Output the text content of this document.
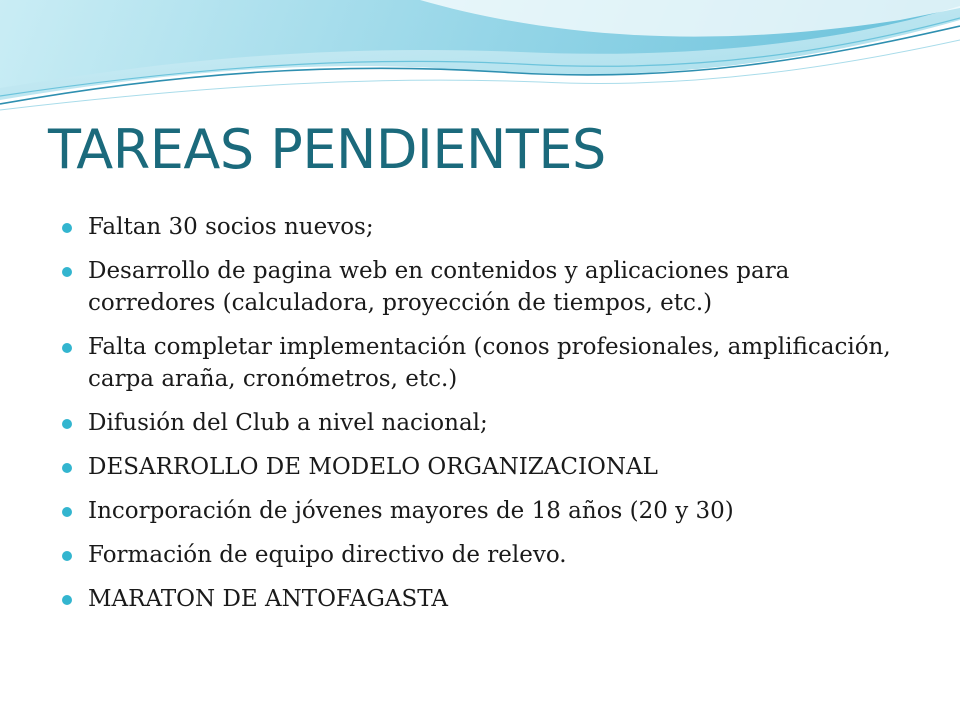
TAREAS PENDIENTES
Faltan 30 socios nuevos;
Desarrollo de pagina web en contenidos y aplicaciones para corredores (calculadora, proyección de tiempos, etc.)
Falta completar implementación (conos profesionales, amplificación, carpa araña, cronómetros, etc.)
Difusión del Club a nivel nacional;
DESARROLLO DE MODELO ORGANIZACIONAL
Incorporación de jóvenes mayores de 18 años (20 y 30)
Formación de equipo directivo de relevo.
MARATON DE ANTOFAGASTA
